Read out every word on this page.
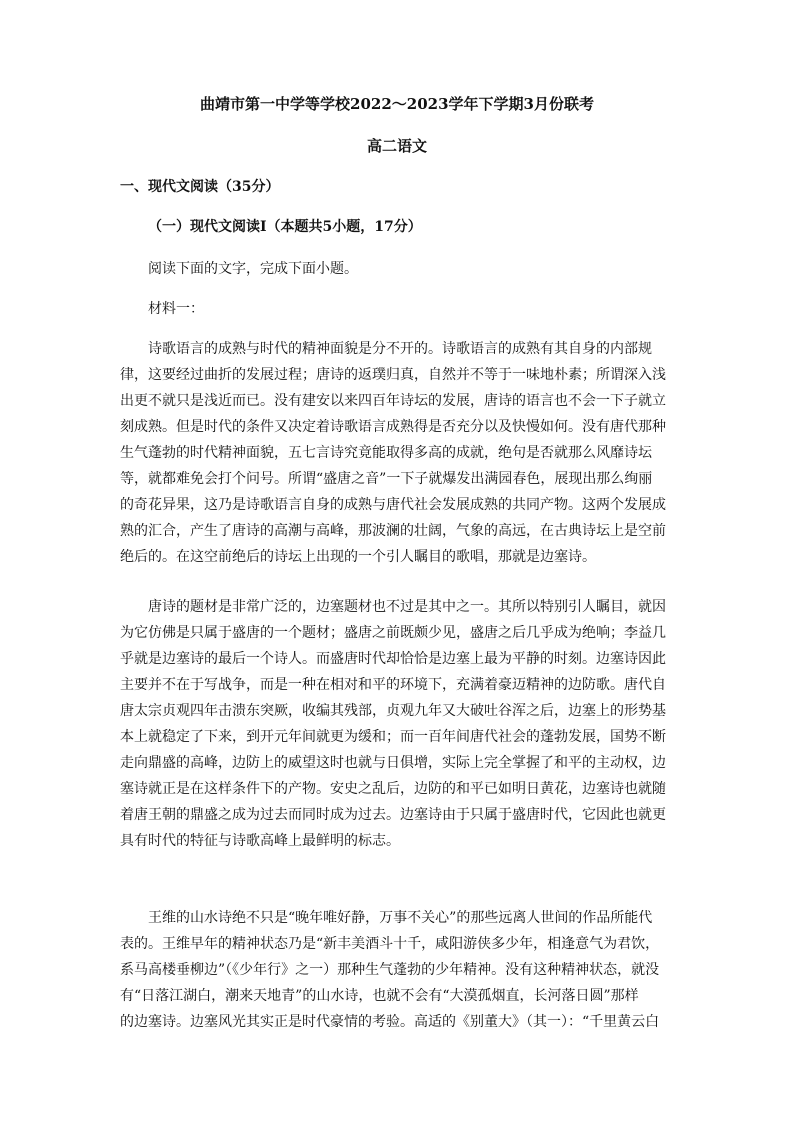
曲靖市第一中学等学校2022～2023学年下学期3月份联考
高二语文
一、现代文阅读（35分）
（一）现代文阅读Ⅰ（本题共5小题，17分）
阅读下面的文字，完成下面小题。
材料一：
诗歌语言的成熟与时代的精神面貌是分不开的。诗歌语言的成熟有其自身的内部规
律，这要经过曲折的发展过程；唐诗的返璞归真，自然并不等于一味地朴素；所谓深入浅
出更不就只是浅近而已。没有建安以来四百年诗坛的发展，唐诗的语言也不会一下子就立
刻成熟。但是时代的条件又决定着诗歌语言成熟得是否充分以及快慢如何。没有唐代那种
生气蓬勃的时代精神面貌，五七言诗究竟能取得多高的成就，绝句是否就那么风靡诗坛
等，就都难免会打个问号。所谓“盛唐之音”一下子就爆发出满园春色，展现出那么绚丽
的奇花异果，这乃是诗歌语言自身的成熟与唐代社会发展成熟的共同产物。这两个发展成
熟的汇合，产生了唐诗的高潮与高峰，那波澜的壮阔，气象的高远，在古典诗坛上是空前
绝后的。在这空前绝后的诗坛上出现的一个引人瞩目的歌唱，那就是边塞诗。
唐诗的题材是非常广泛的，边塞题材也不过是其中之一。其所以特别引人瞩目，就因
为它仿佛是只属于盛唐的一个题材；盛唐之前既颇少见，盛唐之后几乎成为绝响；李益几
乎就是边塞诗的最后一个诗人。而盛唐时代却恰恰是边塞上最为平静的时刻。边塞诗因此
主要并不在于写战争，而是一种在相对和平的环境下，充满着豪迈精神的边防歌。唐代自
唐太宗贞观四年击溃东突厥，收编其残部，贞观九年又大破吐谷浑之后，边塞上的形势基
本上就稳定了下来，到开元年间就更为缓和；而一百年间唐代社会的蓬勃发展，国势不断
走向鼎盛的高峰，边防上的威望这时也就与日俱增，实际上完全掌握了和平的主动权，边
塞诗就正是在这样条件下的产物。安史之乱后，边防的和平已如明日黄花，边塞诗也就随
着唐王朝的鼎盛之成为过去而同时成为过去。边塞诗由于只属于盛唐时代，它因此也就更
具有时代的特征与诗歌高峰上最鲜明的标志。
王维的山水诗绝不只是“晚年唯好静，万事不关心”的那些远离人世间的作品所能代
表的。王维早年的精神状态乃是“新丰美酒斗十千，咸阳游侠多少年，相逢意气为君饮，
系马高楼垂柳边”（《少年行》之一）那种生气蓬勃的少年精神。没有这种精神状态，就没
有“日落江湖白，潮来天地青”的山水诗，也就不会有“大漠孤烟直，长河落日圆”那样
的边塞诗。边塞风光其实正是时代豪情的考验。高适的《别董大》（其一）：“千里黄云白
